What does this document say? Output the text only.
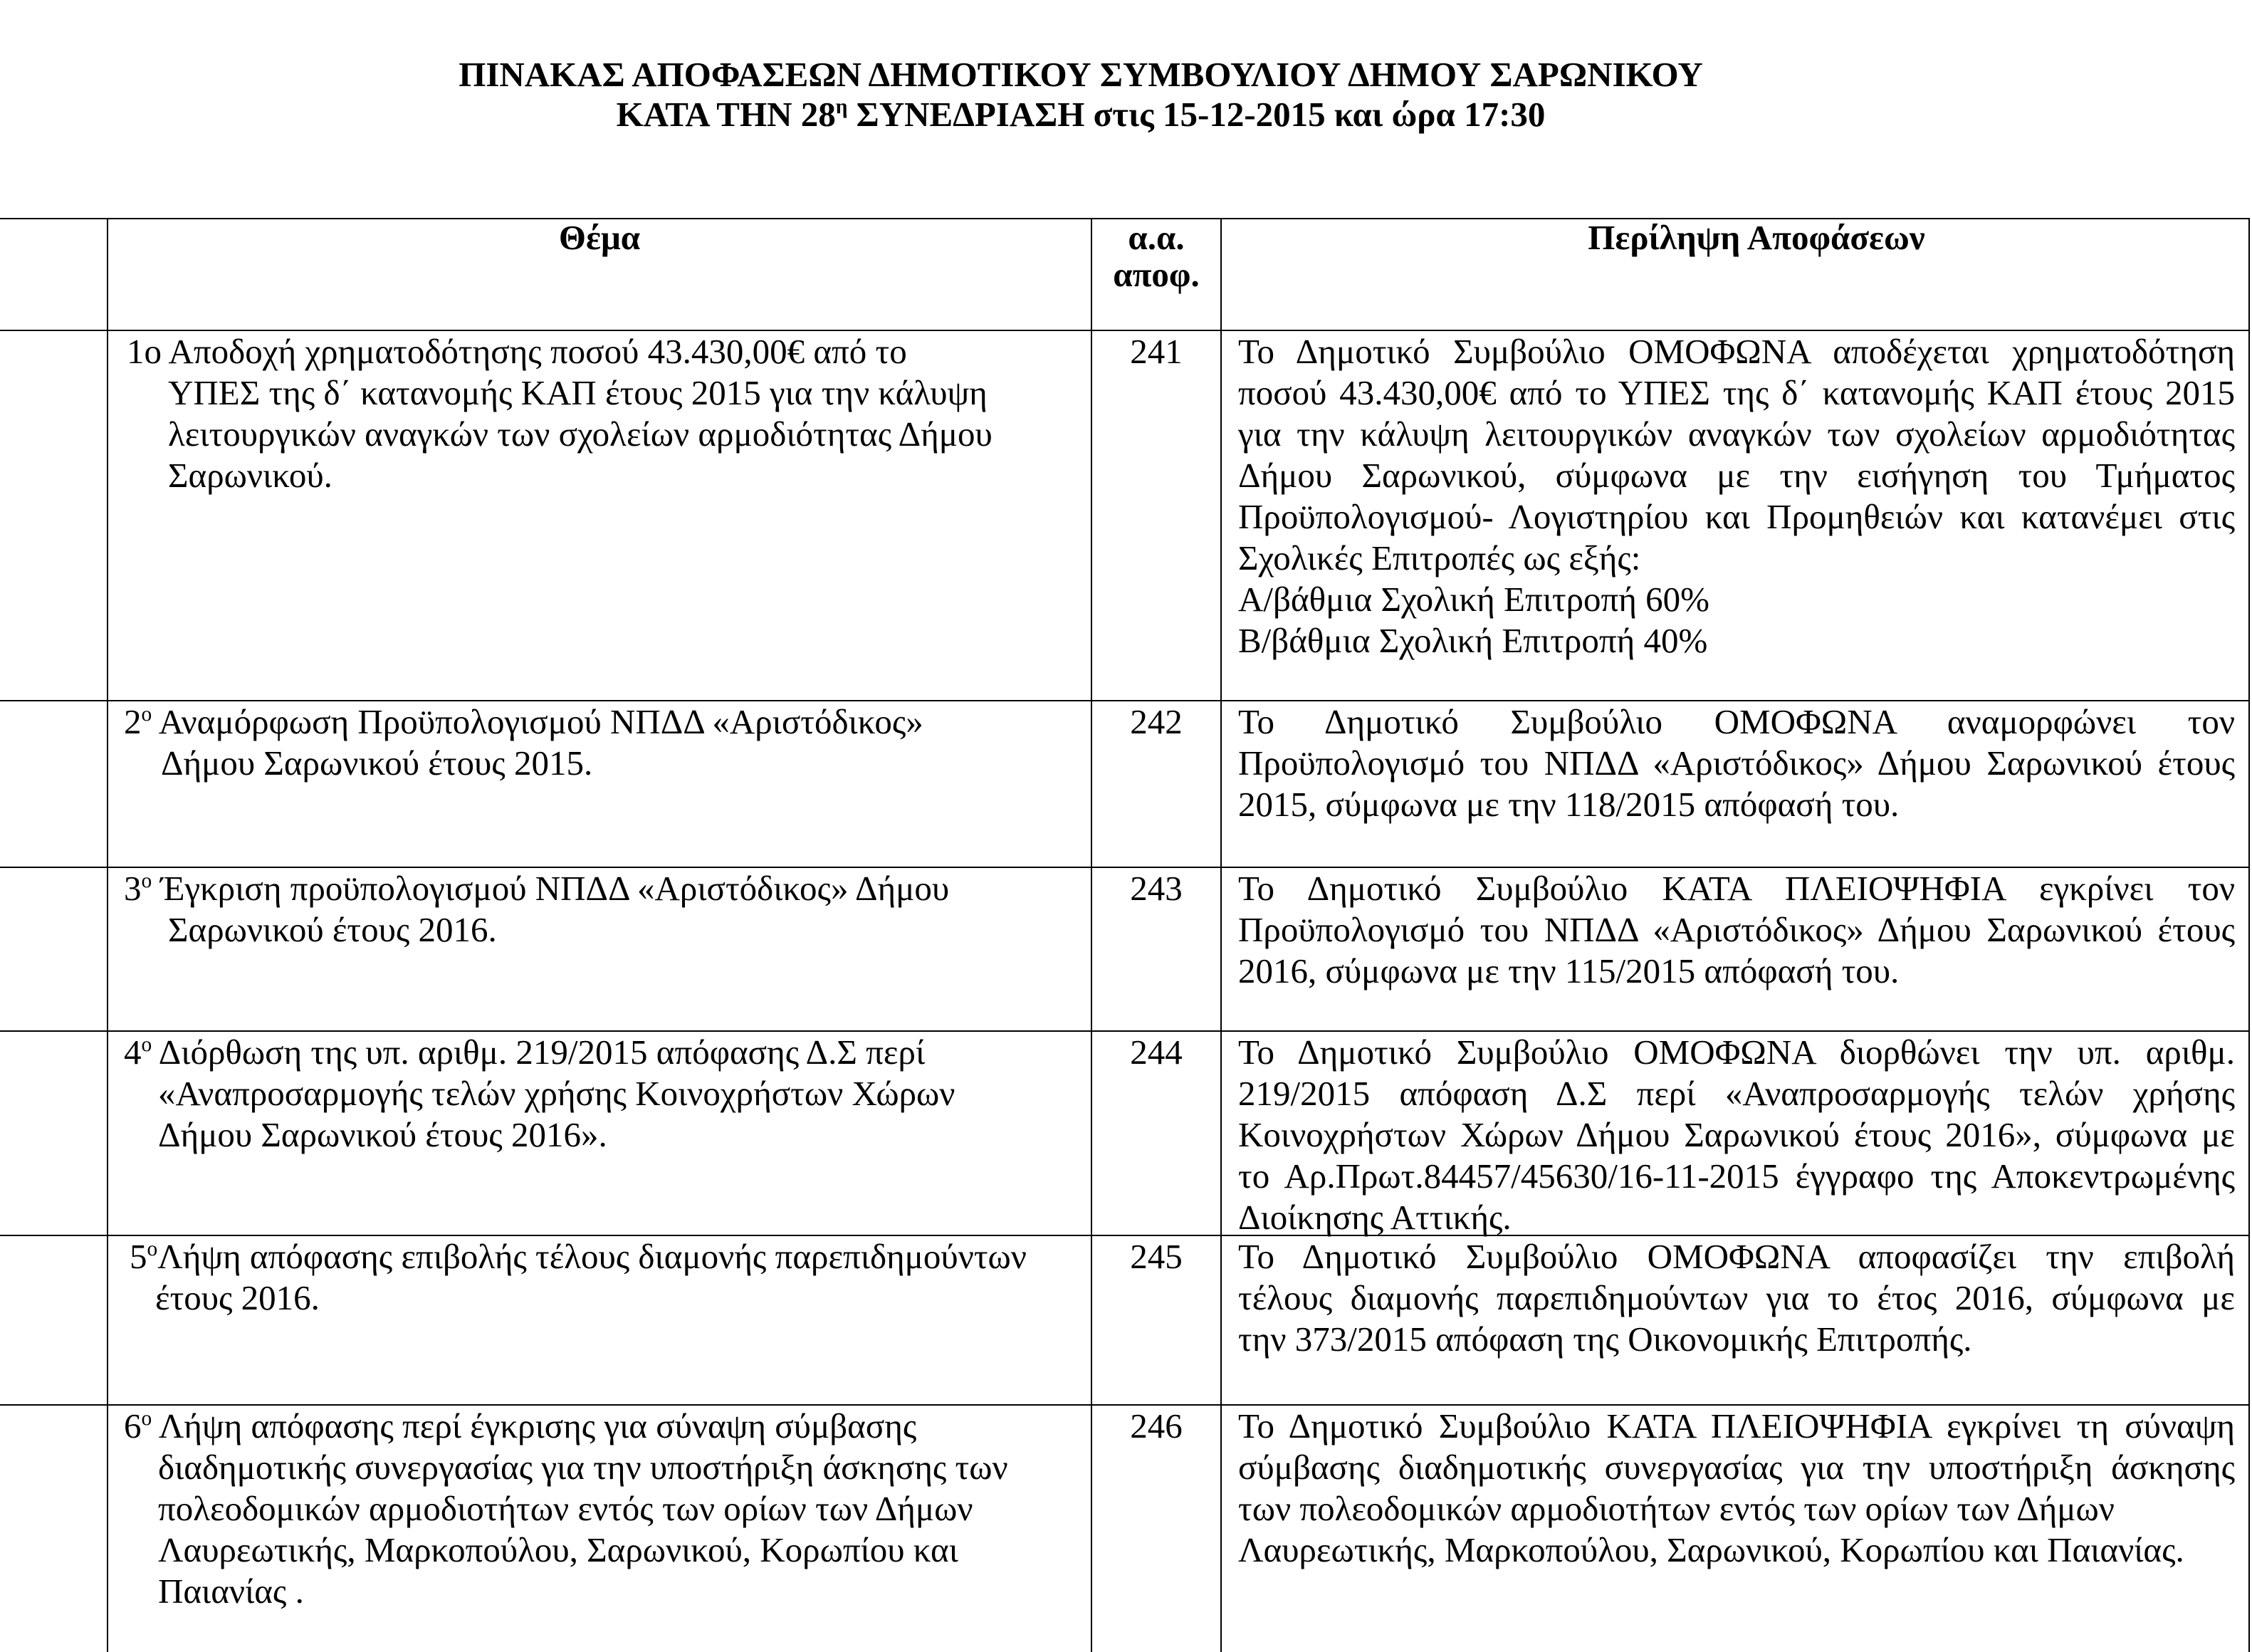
ΠΙΝΑΚΑΣ ΑΠΟΦΑΣΕΩΝ ΔΗΜΟΤΙΚΟΥ ΣΥΜΒΟΥΛΙΟΥ ΔΗΜΟΥ ΣΑΡΩΝΙΚΟΥ
ΚΑΤΑ ΤΗΝ $28^\eta$ ΣΥΝΕΔΡΙΑΣΗ στις 15-12-2015 και ώρα 17:30
Θέμα	α.α.
αποφ.
Περίληψη Αποφάσεων
1ο Αποδοχή χρηματοδότησης ποσού 43.430,00€ από το
ΥΠΕΣ της δ΄ κατανομής ΚΑΠ έτους 2015 για την κάλυψη
λειτουργικών αναγκών των σχολείων αρμοδιότητας Δήμου
Σαρωνικού.
241	Το Δημοτικό Συμβούλιο ΟΜΟΦΩΝΑ αποδέχεται χρηματοδότηση
ποσού 43.430,00€ από το ΥΠΕΣ της δ΄ κατανομής ΚΑΠ έτους 2015
για την κάλυψη λειτουργικών αναγκών των σχολείων αρμοδιότητας
Δήμου Σαρωνικού, σύμφωνα με την εισήγηση του Τμήματος
Προϋπολογισμού- Λογιστηρίου και Προμηθειών και κατανέμει στις
Σχολικές Επιτροπές ως εξής:
Α/βάθμια Σχολική Επιτροπή 60%
Β/βάθμια Σχολική Επιτροπή 40%
$2^o$ Αναμόρφωση Προϋπολογισμού ΝΠΔΔ «Αριστόδικος»
Δήμου Σαρωνικού έτους 2015.
242	Το Δημοτικό Συμβούλιο ΟΜΟΦΩΝΑ αναμορφώνει τον
Προϋπολογισμό του ΝΠΔΔ «Αριστόδικος» Δήμου Σαρωνικού έτους
2015, σύμφωνα με την 118/2015 απόφασή του.
$3^o$ Έγκριση προϋπολογισμού ΝΠΔΔ «Αριστόδικος» Δήμου
Σαρωνικού έτους 2016.
243	Το Δημοτικό Συμβούλιο ΚΑΤΑ ΠΛΕΙΟΨΗΦΙΑ εγκρίνει τον
Προϋπολογισμό του ΝΠΔΔ «Αριστόδικος» Δήμου Σαρωνικού έτους
2016, σύμφωνα με την 115/2015 απόφασή του.
$4^o$ Διόρθωση της υπ. αριθμ. 219/2015 απόφασης Δ.Σ περί
«Αναπροσαρμογής τελών χρήσης Κοινοχρήστων Χώρων
Δήμου Σαρωνικού έτους 2016».
244	Το Δημοτικό Συμβούλιο ΟΜΟΦΩΝΑ διορθώνει την υπ. αριθμ.
219/2015 απόφαση Δ.Σ περί «Αναπροσαρμογής τελών χρήσης
Κοινοχρήστων Χώρων Δήμου Σαρωνικού έτους 2016», σύμφωνα με
το Αρ.Πρωτ.84457/45630/16-11-2015 έγγραφο της Αποκεντρωμένης
Διοίκησης Αττικής.
$5^o\Lambda ή\psi\eta$ απόφασης επιβολής τέλους διαμονής παρεπιδημούντων
έτους 2016.
245	Το Δημοτικό Συμβούλιο ΟΜΟΦΩΝΑ αποφασίζει την επιβολή
τέλους διαμονής παρεπιδημούντων για το έτος 2016, σύμφωνα με
την 373/2015 απόφαση της Οικονομικής Επιτροπής.
$6^o$ Λήψη απόφασης περί έγκρισης για σύναψη σύμβασης
διαδημοτικής συνεργασίας για την υποστήριξη άσκησης των
πολεοδομικών αρμοδιοτήτων εντός των ορίων των Δήμων
Λαυρεωτικής, Μαρκοπούλου, Σαρωνικού, Κορωπίου και
Παιανίας .
246	Το Δημοτικό Συμβούλιο ΚΑΤΑ ΠΛΕΙΟΨΗΦΙΑ εγκρίνει τη σύναψη
σύμβασης διαδημοτικής συνεργασίας για την υποστήριξη άσκησης
των πολεοδομικών αρμοδιοτήτων εντός των ορίων των Δήμων
Λαυρεωτικής, Μαρκοπούλου, Σαρωνικού, Κορωπίου και Παιανίας.
